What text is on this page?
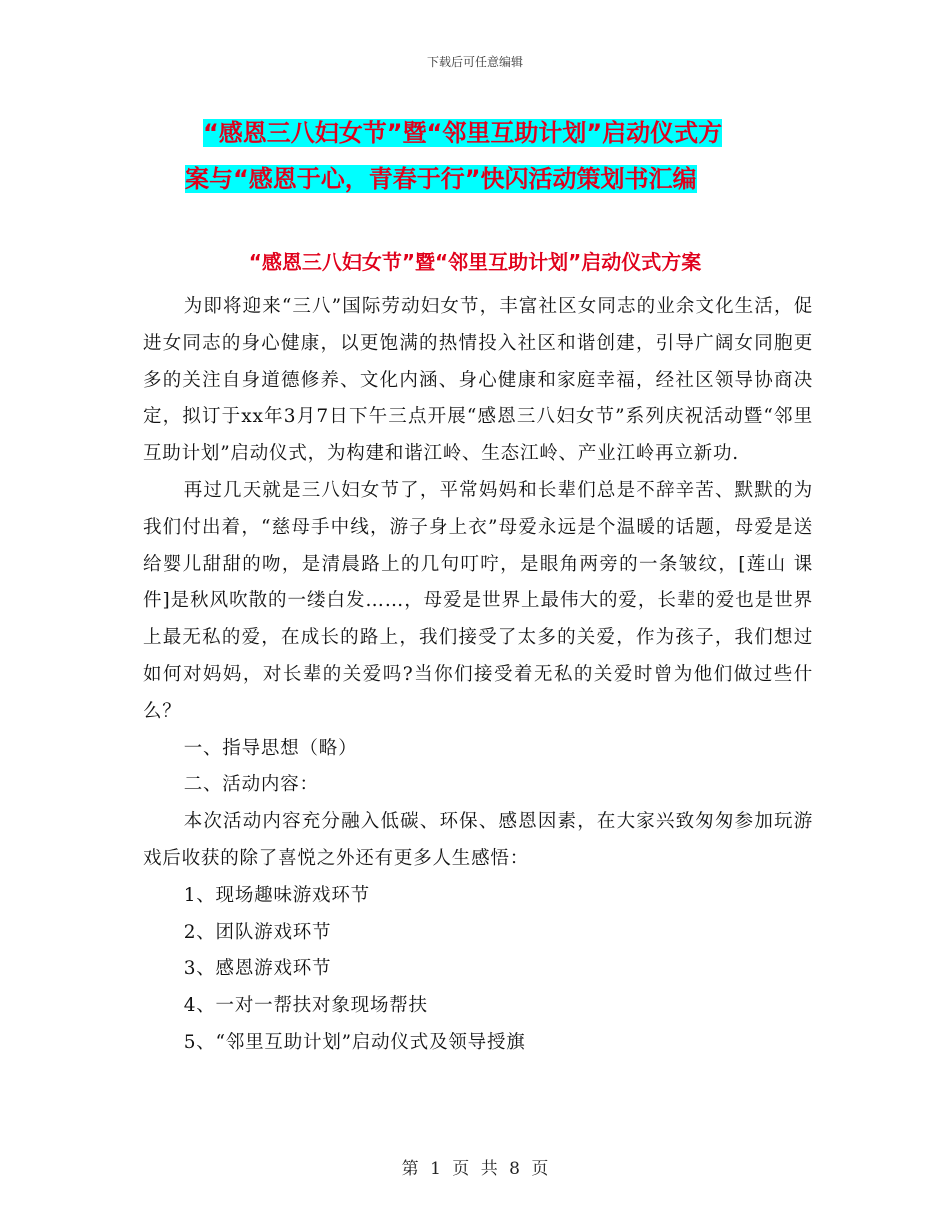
下载后可任意编辑
“感恩三八妇女节”暨“邻里互助计划”启动仪式方
案与“感恩于心，青春于行”快闪活动策划书汇编
“感恩三八妇女节”暨“邻里互助计划”启动仪式方案

为即将迎来“三八”国际劳动妇女节，丰富社区女同志的业余文化生活，促进女同志的身心健康，以更饱满的热情投入社区和谐创建，引导广阔女同胞更多的关注自身道德修养、文化内涵、身心健康和家庭幸福，经社区领导协商决定，拟订于xx年3月7日下午三点开展“感恩三八妇女节”系列庆祝活动暨“邻里互助计划”启动仪式，为构建和谐江岭、生态江岭、产业江岭再立新功.

再过几天就是三八妇女节了，平常妈妈和长辈们总是不辞辛苦、默默的为我们付出着，“慈母手中线，游子身上衣”母爱永远是个温暖的话题，母爱是送给婴儿甜甜的吻，是清晨路上的几句叮咛，是眼角两旁的一条皱纹，[莲山 课件]是秋风吹散的一缕白发……，母爱是世界上最伟大的爱，长辈的爱也是世界上最无私的爱，在成长的路上，我们接受了太多的关爱，作为孩子，我们想过如何对妈妈，对长辈的关爱吗?当你们接受着无私的关爱时曾为他们做过些什么？

一、指导思想（略）

二、活动内容：

本次活动内容充分融入低碳、环保、感恩因素，在大家兴致匆匆参加玩游戏后收获的除了喜悦之外还有更多人生感悟：

1、现场趣味游戏环节

2、团队游戏环节

3、感恩游戏环节

4、一对一帮扶对象现场帮扶

5、“邻里互助计划”启动仪式及领导授旗

第 1 页 共 8 页
